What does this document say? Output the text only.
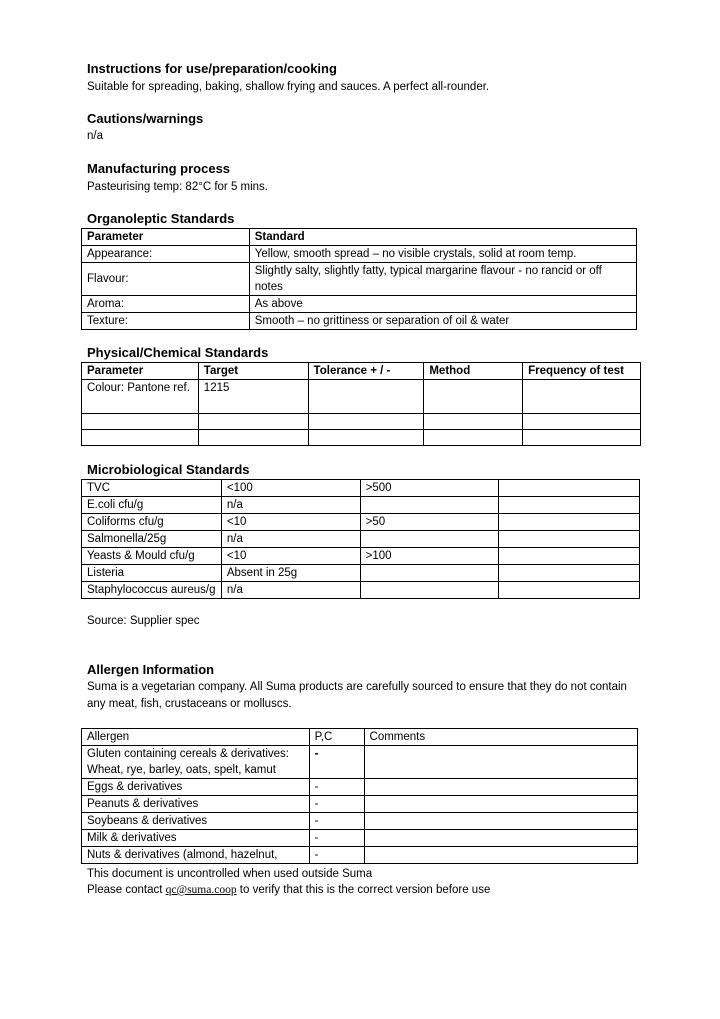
Instructions for use/preparation/cooking

Suitable for spreading, baking, shallow frying and sauces. A perfect all-rounder.

Cautions/warnings

n/a

Manufacturing process

Pasteurising temp: 82°C for 5 mins.

Organoleptic Standards

Parameter	Standard
Appearance:	Yellow, smooth spread – no visible crystals, solid at room temp.
Flavour:	Slightly salty, slightly fatty, typical margarine flavour - no rancid or off notes
Aroma:	As above
Texture:	Smooth – no grittiness or separation of oil & water

Physical/Chemical Standards

Parameter	Target	Tolerance + / -	Method	Frequency of test
Colour: Pantone ref.	1215			

Microbiological Standards

TVC	<100	>500	
E.coli cfu/g	n/a		
Coliforms cfu/g	<10	>50	
Salmonella/25g	n/a		
Yeasts & Mould cfu/g	<10	>100	
Listeria	Absent in 25g		
Staphylococcus aureus/g	n/a		

Source: Supplier spec

Allergen Information

Suma is a vegetarian company. All Suma products are carefully sourced to ensure that they do not contain any meat, fish, crustaceans or molluscs.

Allergen	P,C	Comments
Gluten containing cereals & derivatives:
Wheat, rye, barley, oats, spelt, kamut	-	
Eggs & derivatives	-	
Peanuts & derivatives	-	
Soybeans & derivatives	-	
Milk & derivatives	-	
Nuts & derivatives (almond, hazelnut,	-	

This document is uncontrolled when used outside Suma

Please contact qc@suma.coop to verify that this is the correct version before use
